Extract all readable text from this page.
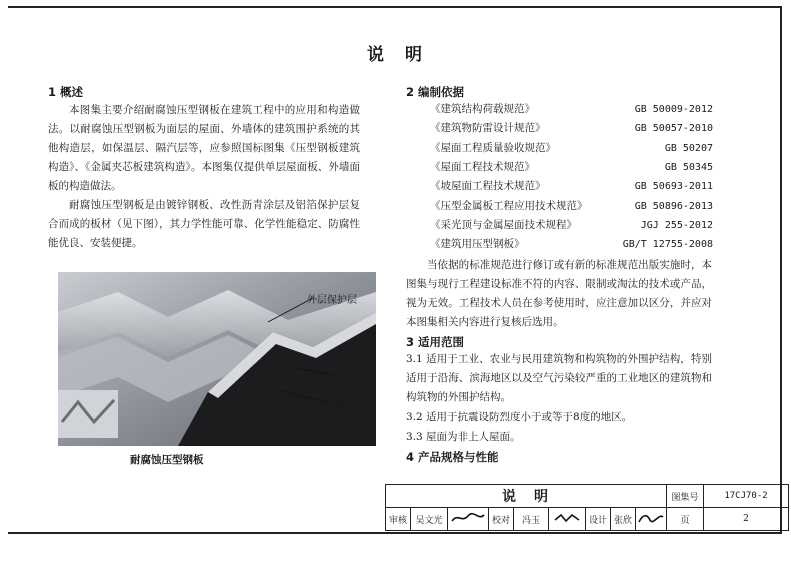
说　明
1 概述
本图集主要介绍耐腐蚀压型钢板在建筑工程中的应用和构造做法。以耐腐蚀压型钢板为面层的屋面、外墙体的建筑围护系统的其他构造层，如保温层、隔汽层等，应参照国标图集《压型钢板建筑构造》、《金属夹芯板建筑构造》。本图集仅提供单层屋面板、外墙面板的构造做法。
耐腐蚀压型钢板是由镀锌钢板、改性沥青涂层及铝箔保护层复合而成的板材（见下图），其力学性能可靠、化学性能稳定、防腐性能优良、安装便捷。
外层保护层
涂层
基层板
耐腐蚀压型钢板
2 编制依据
《建筑结构荷载规范》	GB 50009-2012
《建筑物防雷设计规范》	GB 50057-2010
《屋面工程质量验收规范》	GB 50207
《屋面工程技术规范》	GB 50345
《坡屋面工程技术规范》	GB 50693-2011
《压型金属板工程应用技术规范》	GB 50896-2013
《采光顶与金属屋面技术规程》	JGJ 255-2012
《建筑用压型钢板》	GB/T 12755-2008
当依据的标准规范进行修订或有新的标准规范出版实施时，本图集与现行工程建设标准不符的内容、限制或淘汰的技术或产品，视为无效。工程技术人员在参考使用时，应注意加以区分，并应对本图集相关内容进行复核后选用。
3 适用范围
3.1 适用于工业、农业与民用建筑物和构筑物的外围护结构，特别适用于沿海、滨海地区以及空气污染较严重的工业地区的建筑物和构筑物的外围护结构。
3.2 适用于抗震设防烈度小于或等于8度的地区。
3.3 屋面为非上人屋面。
4 产品规格与性能
说　明									图集号	17CJ70-2
审核	吴文光		校对	冯玉		设计	张欣		页	2
